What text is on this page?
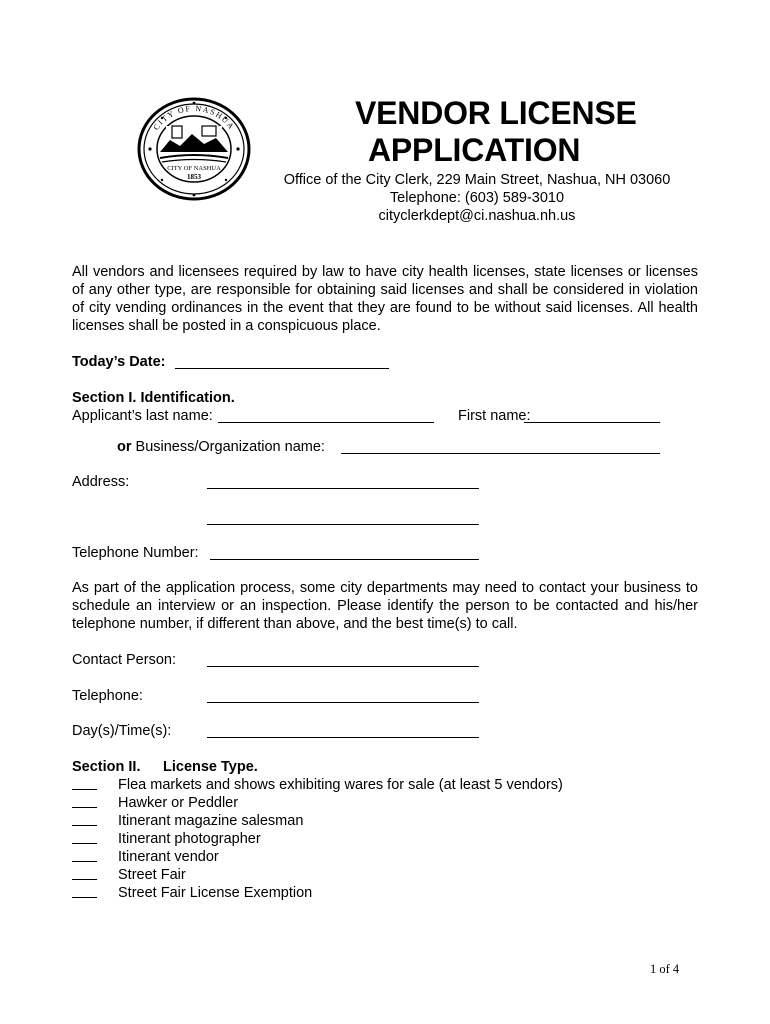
CITY OF NASHUA
CITY OF NASHUA
1853
VENDOR LICENSE
APPLICATION
Office of the City Clerk, 229 Main Street, Nashua, NH 03060
Telephone: (603) 589-3010
cityclerkdept@ci.nashua.nh.us
All vendors and licensees required by law to have city health licenses, state licenses or licenses of any other type, are responsible for obtaining said licenses and shall be considered in violation of city vending ordinances in the event that they are found to be without said licenses. All health licenses shall be posted in a conspicuous place.
Today’s Date:
Section I. Identification.
Applicant’s last name:	First name:
or Business/Organization name:
Address:
Telephone Number:
As part of the application process, some city departments may need to contact your business to schedule an interview or an inspection. Please identify the person to be contacted and his/her telephone number, if different than above, and the best time(s) to call.
Contact Person:
Telephone:
Day(s)/Time(s):
Section II. License Type.
Flea markets and shows exhibiting wares for sale (at least 5 vendors)
Hawker or Peddler
Itinerant magazine salesman
Itinerant photographer
Itinerant vendor
Street Fair
Street Fair License Exemption
1 of 4
